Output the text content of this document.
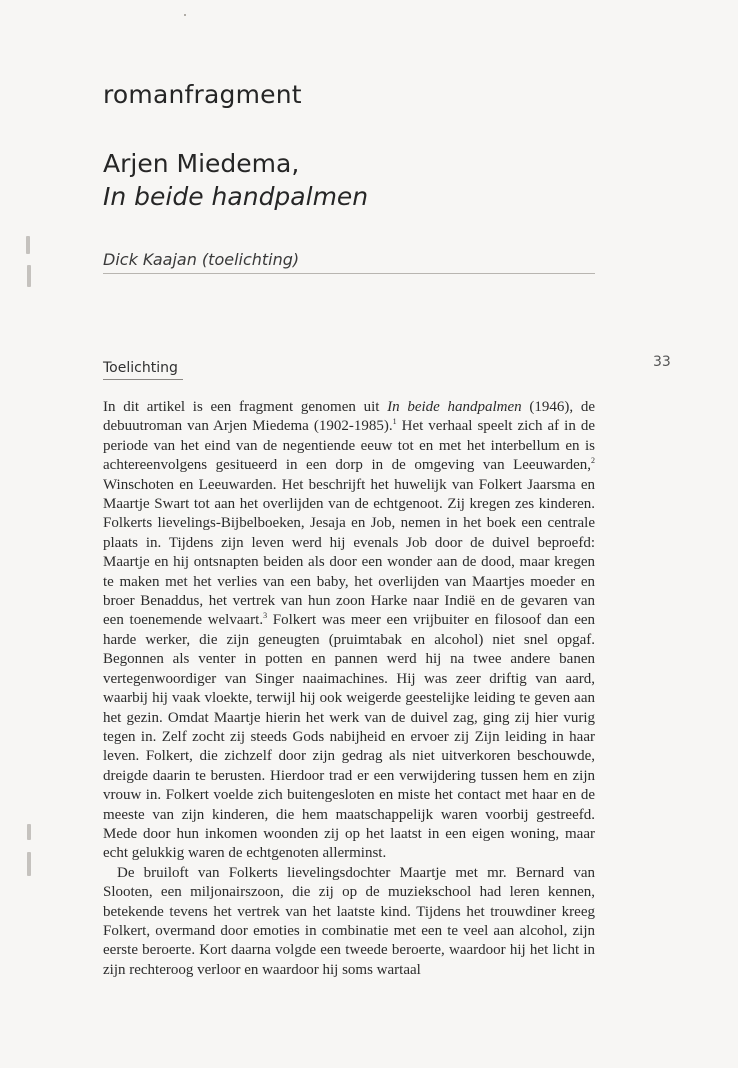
romanfragment
Arjen Miedema,
In beide handpalmen
Dick Kaajan (toelichting)
Toelichting	33

In dit artikel is een fragment genomen uit In beide handpalmen (1946), de debuutroman van Arjen Miedema (1902-1985).$^1$ Het verhaal speelt zich af in de periode van het eind van de negentiende eeuw tot en met het interbellum en is achtereenvolgens gesitueerd in een dorp in de omgeving van Leeuwarden,$^2$ Winschoten en Leeuwarden. Het beschrijft het huwelijk van Folkert Jaarsma en Maartje Swart tot aan het overlijden van de echtgenoot. Zij kregen zes kinderen. Folkerts lievelings-Bijbelboeken, Jesaja en Job, nemen in het boek een centrale plaats in. Tijdens zijn leven werd hij evenals Job door de duivel beproefd: Maartje en hij ontsnapten beiden als door een wonder aan de dood, maar kregen te maken met het verlies van een baby, het overlijden van Maartjes moeder en broer Benaddus, het vertrek van hun zoon Harke naar Indië en de gevaren van een toenemende welvaart.$^3$ Folkert was meer een vrijbuiter en filosoof dan een harde werker, die zijn geneugten (pruimtabak en alcohol) niet snel opgaf. Begonnen als venter in potten en pannen werd hij na twee andere banen vertegenwoordiger van Singer naaimachines. Hij was zeer driftig van aard, waarbij hij vaak vloekte, terwijl hij ook weigerde geestelijke leiding te geven aan het gezin. Omdat Maartje hierin het werk van de duivel zag, ging zij hier vurig tegen in. Zelf zocht zij steeds Gods nabijheid en ervoer zij Zijn leiding in haar leven. Folkert, die zichzelf door zijn gedrag als niet uitverkoren beschouwde, dreigde daarin te berusten. Hierdoor trad er een verwijdering tussen hem en zijn vrouw in. Folkert voelde zich buitengesloten en miste het contact met haar en de meeste van zijn kinderen, die hem maatschappelijk waren voorbij gestreefd. Mede door hun inkomen woonden zij op het laatst in een eigen woning, maar echt gelukkig waren de echtgenoten allerminst.

De bruiloft van Folkerts lievelingsdochter Maartje met mr. Bernard van Slooten, een miljonairszoon, die zij op de muziekschool had leren kennen, betekende tevens het vertrek van het laatste kind. Tijdens het trouwdiner kreeg Folkert, overmand door emoties in combinatie met een te veel aan alcohol, zijn eerste beroerte. Kort daarna volgde een tweede beroerte, waardoor hij het licht in zijn rechteroog verloor en waardoor hij soms wartaal
